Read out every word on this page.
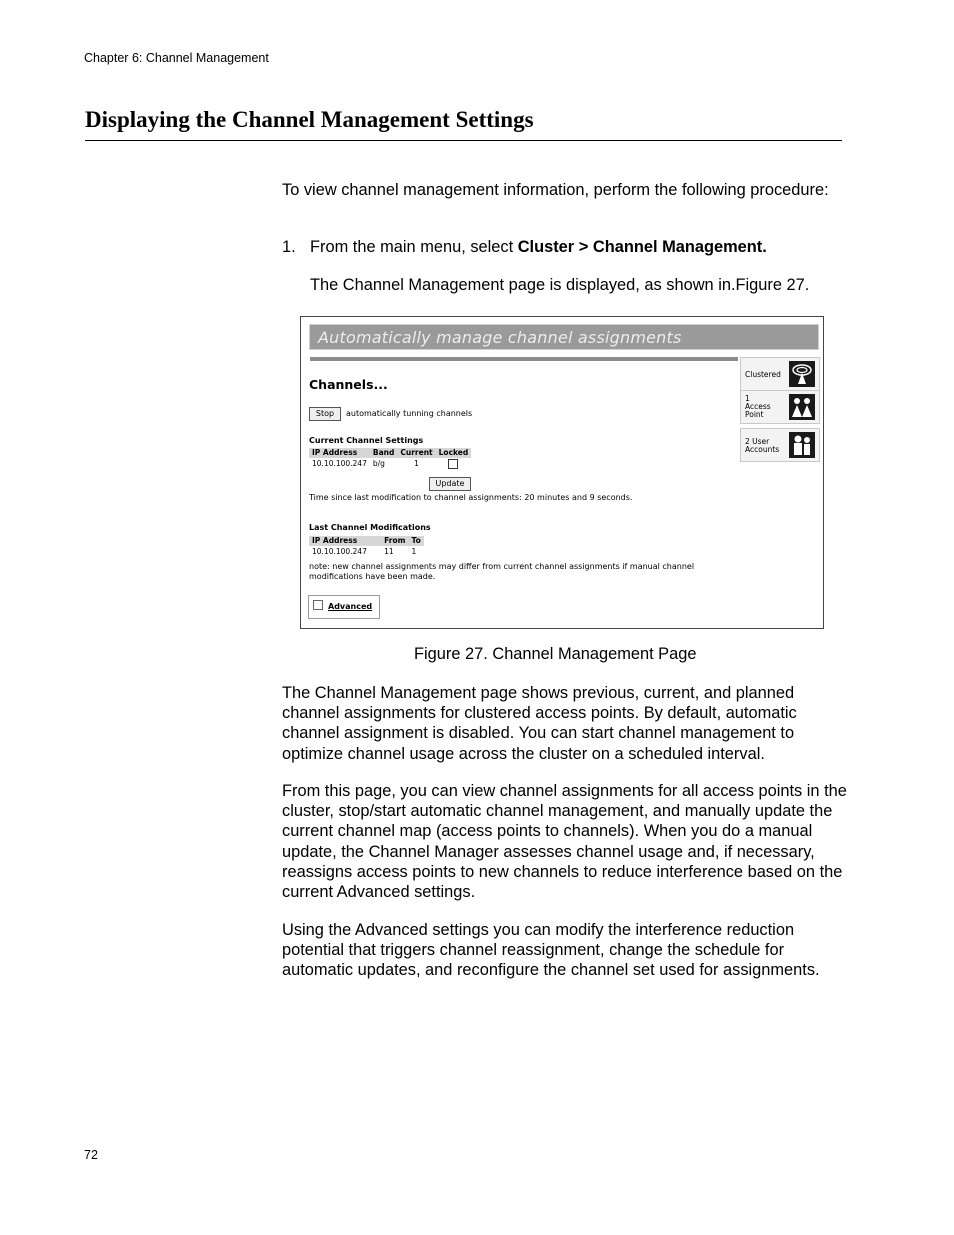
Chapter 6: Channel Management
Displaying the Channel Management Settings

To view channel management information, perform the following procedure:

1. From the main menu, select Cluster > Channel Management.
The Channel Management page is displayed, as shown in.Figure 27.
Automatically manage channel assignments
Channels...
Stop	automatically tunning channels
Current Channel Settings
IP Address	Band	Current	Locked
10.10.100.247	b/g	1	
Update
Time since last modification to channel assignments: 20 minutes and 9 seconds.
Last Channel Modifications
IP Address	From	To
10.10.100.247	11	1
note: new channel assignments may differ from current channel assignments if manual channel
modifications have been made.
Advanced
Clustered
1
Access
Point
2 User
Accounts
Figure 27. Channel Management Page

The Channel Management page shows previous, current, and planned channel assignments for clustered access points. By default, automatic channel assignment is disabled. You can start channel management to optimize channel usage across the cluster on a scheduled interval.

From this page, you can view channel assignments for all access points in the cluster, stop/start automatic channel management, and manually update the current channel map (access points to channels). When you do a manual update, the Channel Manager assesses channel usage and, if necessary, reassigns access points to new channels to reduce interference based on the current Advanced settings.

Using the Advanced settings you can modify the interference reduction potential that triggers channel reassignment, change the schedule for automatic updates, and reconfigure the channel set used for assignments.

72
